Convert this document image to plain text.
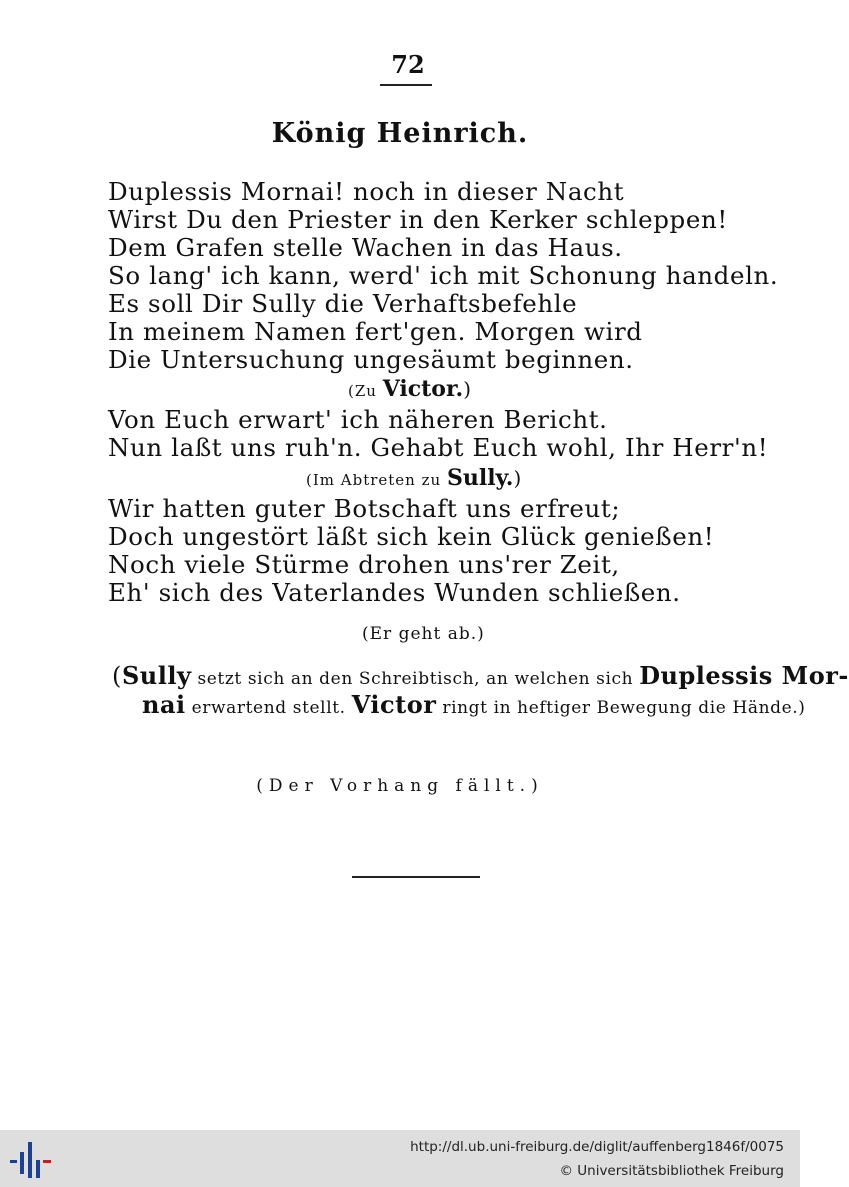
72
König Heinrich.
Duplessis Mornai! noch in dieser Nacht
Wirst Du den Priester in den Kerker schleppen!
Dem Grafen stelle Wachen in das Haus.
So lang' ich kann, werd' ich mit Schonung handeln.
Es soll Dir Sully die Verhaftsbefehle
In meinem Namen fert'gen. Morgen wird
Die Untersuchung ungesäumt beginnen.
(Zu Victor.)
Von Euch erwart' ich näheren Bericht.
Nun laßt uns ruh'n. Gehabt Euch wohl, Ihr Herr'n!
(Im Abtreten zu Sully.)
Wir hatten guter Botschaft uns erfreut;
Doch ungestört läßt sich kein Glück genießen!
Noch viele Stürme drohen uns'rer Zeit,
Eh' sich des Vaterlandes Wunden schließen.
(Er geht ab.)
(Sully setzt sich an den Schreibtisch, an welchen sich Duplessis Mor-
nai erwartend stellt. Victor ringt in heftiger Bewegung die Hände.)
(Der Vorhang fällt.)
http://dl.ub.uni-freiburg.de/diglit/auffenberg1846f/0075
© Universitätsbibliothek Freiburg
